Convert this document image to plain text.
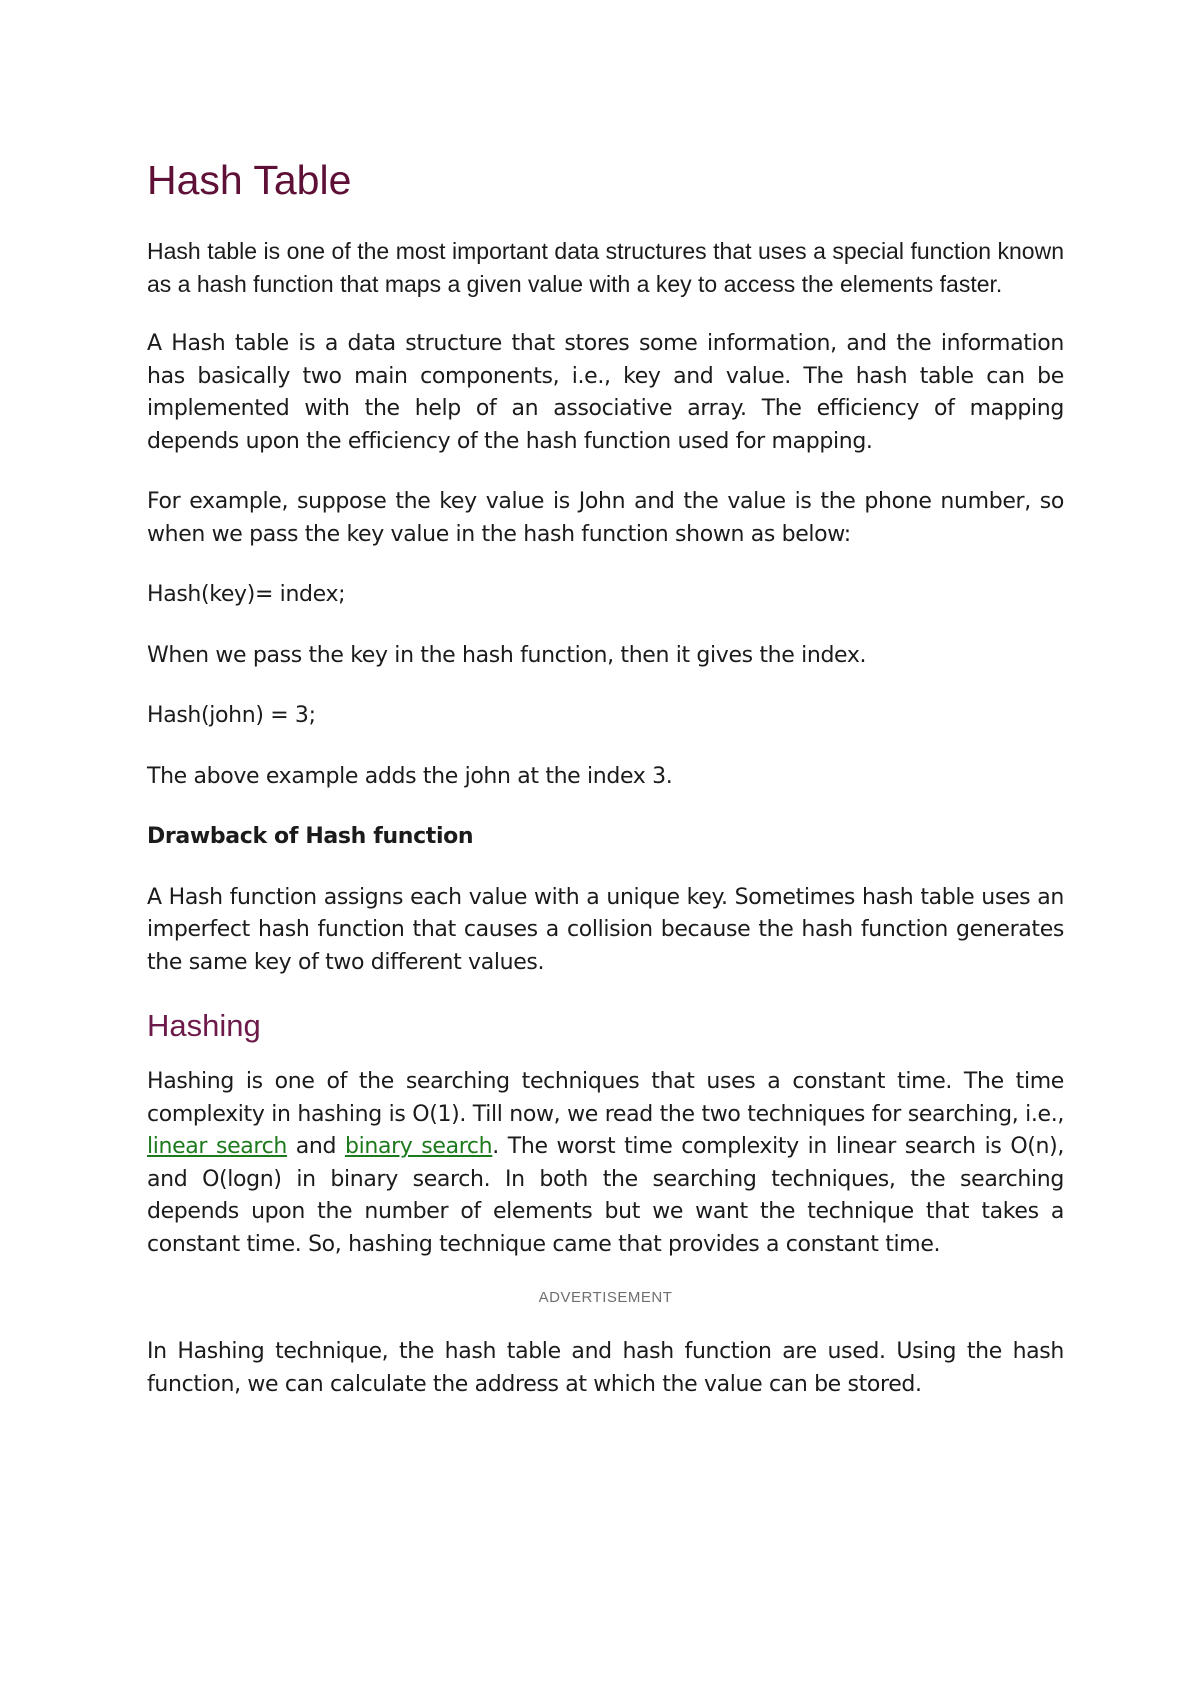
Hash Table

Hash table is one of the most important data structures that uses a special function known as a hash function that maps a given value with a key to access the elements faster.

A Hash table is a data structure that stores some information, and the information has basically two main components, i.e., key and value. The hash table can be implemented with the help of an associative array. The efficiency of mapping depends upon the efficiency of the hash function used for mapping.

For example, suppose the key value is John and the value is the phone number, so when we pass the key value in the hash function shown as below:

Hash(key)= index;

When we pass the key in the hash function, then it gives the index.

Hash(john) = 3;

The above example adds the john at the index 3.

Drawback of Hash function

A Hash function assigns each value with a unique key. Sometimes hash table uses an imperfect hash function that causes a collision because the hash function generates the same key of two different values.

Hashing

Hashing is one of the searching techniques that uses a constant time. The time complexity in hashing is O(1). Till now, we read the two techniques for searching, i.e., linear search and binary search. The worst time complexity in linear search is O(n), and O(logn) in binary search. In both the searching techniques, the searching depends upon the number of elements but we want the technique that takes a constant time. So, hashing technique came that provides a constant time.

ADVERTISEMENT

In Hashing technique, the hash table and hash function are used. Using the hash function, we can calculate the address at which the value can be stored.
